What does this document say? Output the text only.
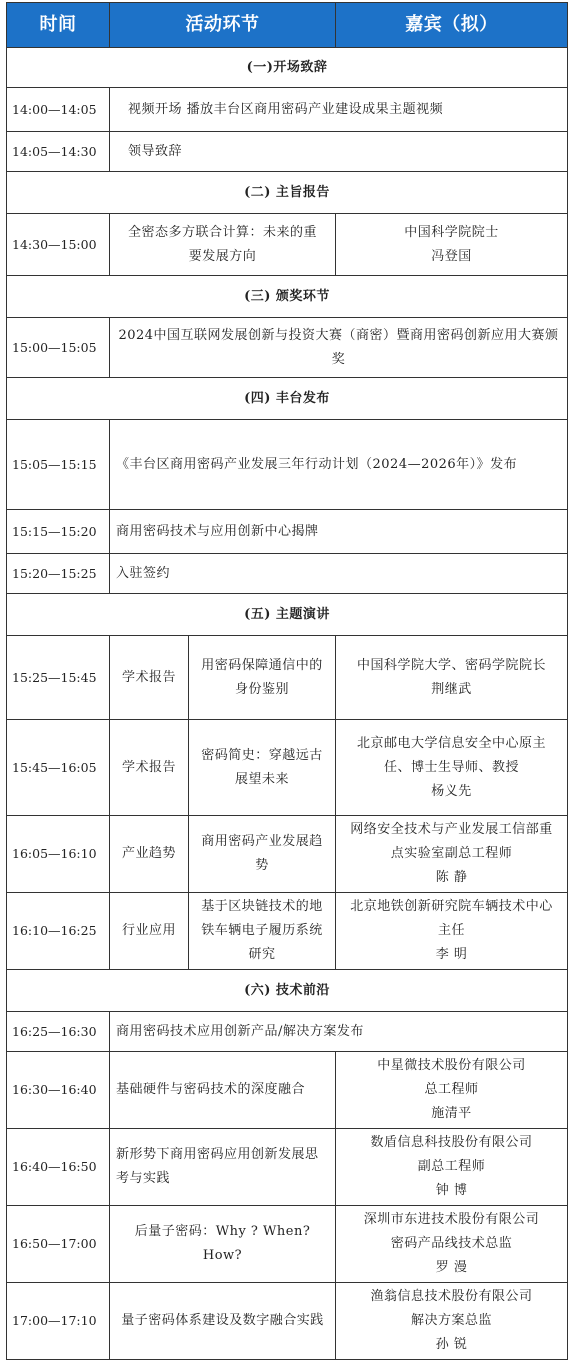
时间	活动环节		嘉宾（拟）
(一)开场致辞			
14:00—14:05	视频开场 播放丰台区商用密码产业建设成果主题视频		
14:05—14:30	领导致辞		
(二) 主旨报告			
14:30—15:00	全密态多方联合计算：未来的重要发展方向		中国科学院院士
冯登国

(三) 颁奖环节			
15:00—15:05	2024中国互联网发展创新与投资大赛（商密）暨商用密码创新应用大赛颁奖		
(四) 丰台发布			
15:05—15:15	《丰台区商用密码产业发展三年行动计划（2024—2026年）》发布		
15:15—15:20	商用密码技术与应用创新中心揭牌		
15:20—15:25	入驻签约		
(五) 主题演讲			
15:25—15:45	学术报告	用密码保障通信中的身份鉴别	中国科学院大学、密码学院院长
荆继武

15:45—16:05	学术报告	密码简史：穿越远古 展望未来	北京邮电大学信息安全中心原主任、博士生导师、教授
杨义先

16:05—16:10	产业趋势	商用密码产业发展趋势	网络安全技术与产业发展工信部重点实验室副总工程师
陈 静

16:10—16:25	行业应用	基于区块链技术的地铁车辆电子履历系统研究	北京地铁创新研究院车辆技术中心主任
李 明

(六) 技术前沿			
16:25—16:30	商用密码技术应用创新产品/解决方案发布		
16:30—16:40	基础硬件与密码技术的深度融合		中星微技术股份有限公司
总工程师
施清平

16:40—16:50	新形势下商用密码应用创新发展思考与实践		数盾信息科技股份有限公司
副总工程师
钟 博

16:50—17:00	后量子密码：Why ? When? How?		深圳市东进技术股份有限公司
密码产品线技术总监
罗 漫

17:00—17:10	量子密码体系建设及数字融合实践		渔翁信息技术股份有限公司
解决方案总监
孙 锐
